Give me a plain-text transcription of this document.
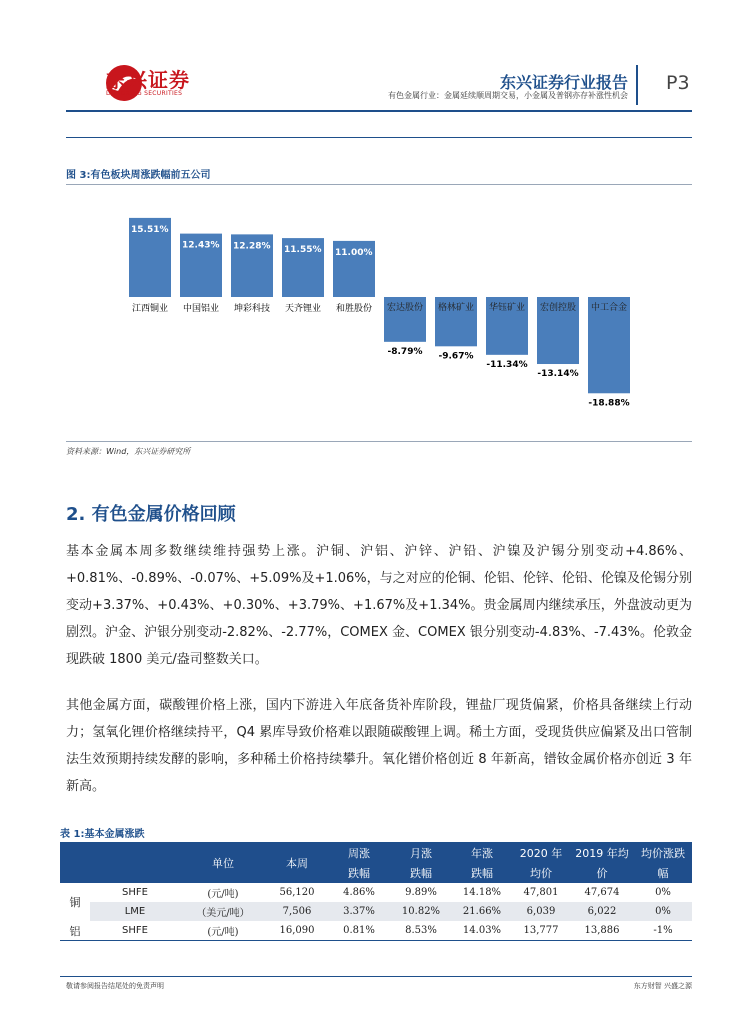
东兴证券
DONGXING SECURITIES
东兴证券行业报告
有色金属行业：金属延续顺周期交易，小金属及普钢亦存补涨性机会
P3
图 3:有色板块周涨跌幅前五公司
江西铜业
15.51%
中国铝业
12.43%
坤彩科技
12.28%
天齐锂业
11.55%
和胜股份
11.00%
宏达股份
-8.79%
格林矿业
-9.67%
华钰矿业
-11.34%
宏创控股
-13.14%
中工合金
-18.88%
资料来源：Wind，东兴证券研究所
2. 有色金属价格回顾
基本金属本周多数继续维持强势上涨。沪铜、沪铝、沪锌、沪铅、沪镍及沪锡分别变动+4.86%、+0.81%、-0.89%、-0.07%、+5.09%及+1.06%，与之对应的伦铜、伦铝、伦锌、伦铅、伦镍及伦锡分别变动+3.37%、+0.43%、+0.30%、+3.79%、+1.67%及+1.34%。贵金属周内继续承压，外盘波动更为剧烈。沪金、沪银分别变动-2.82%、-2.77%，COMEX 金、COMEX 银分别变动-4.83%、-7.43%。伦敦金现跌破 1800 美元/盎司整数关口。
其他金属方面，碳酸锂价格上涨，国内下游进入年底备货补库阶段，锂盐厂现货偏紧，价格具备继续上行动力；氢氧化锂价格继续持平，Q4 累库导致价格难以跟随碳酸锂上调。稀土方面，受现货供应偏紧及出口管制法生效预期持续发酵的影响，多种稀土价格持续攀升。氧化镨价格创近 8 年新高，镨钕金属价格亦创近 3 年新高。
表 1:基本金属涨跌
		单位	本周	周涨	月涨	年涨	2020 年	2019 年均	均价涨跌
				跌幅	跌幅	跌幅	均价	价	幅
铜	SHFE	(元/吨)	56,120	4.86%	9.89%	14.18%	47,801	47,674	0%
	LME	（美元/吨）	7,506	3.37%	10.82%	21.66%	6,039	6,022	0%
铝	SHFE	(元/吨)	16,090	0.81%	8.53%	14.03%	13,777	13,886	-1%
敬请参阅报告结尾处的免责声明	东方财智 兴盛之源
